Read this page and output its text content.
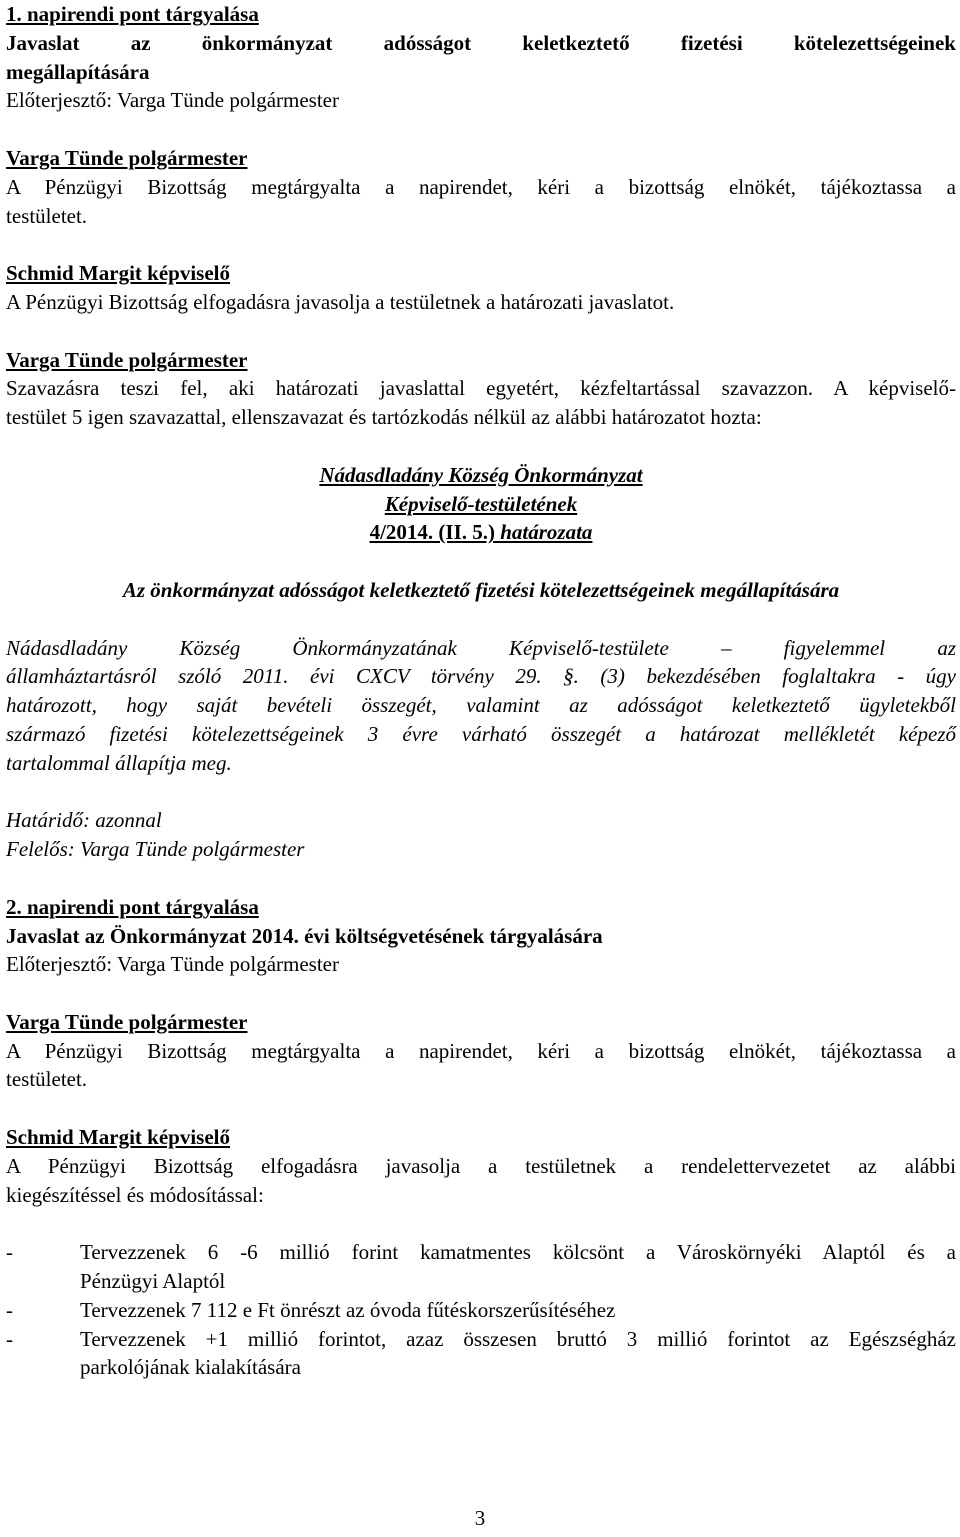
1. napirendi pont tárgyalása

Javaslat az önkormányzat adósságot keletkeztető fizetési kötelezettségeinek

megállapítására

Előterjesztő: Varga Tünde polgármester

Varga Tünde polgármester

A Pénzügyi Bizottság megtárgyalta a napirendet, kéri a bizottság elnökét, tájékoztassa a

testületet.

Schmid Margit képviselő

A Pénzügyi Bizottság elfogadásra javasolja a testületnek a határozati javaslatot.

Varga Tünde polgármester

Szavazásra teszi fel, aki határozati javaslattal egyetért, kézfeltartással szavazzon. A képviselő-

testület 5 igen szavazattal, ellenszavazat és tartózkodás nélkül az alábbi határozatot hozta:

Nádasdladány Község Önkormányzat

Képviselő-testületének

4/2014. (II. 5.) határozata

Az önkormányzat adósságot keletkeztető fizetési kötelezettségeinek megállapítására

Nádasdladány Község Önkormányzatának Képviselő-testülete – figyelemmel az

államháztartásról szóló 2011. évi CXCV törvény 29. §. (3) bekezdésében foglaltakra - úgy

határozott, hogy saját bevételi összegét, valamint az adósságot keletkeztető ügyletekből

származó fizetési kötelezettségeinek 3 évre várható összegét a határozat mellékletét képező

tartalommal állapítja meg.

Határidő: azonnal

Felelős: Varga Tünde polgármester

2. napirendi pont tárgyalása

Javaslat az Önkormányzat 2014. évi költségvetésének tárgyalására

Előterjesztő: Varga Tünde polgármester

Varga Tünde polgármester

A Pénzügyi Bizottság megtárgyalta a napirendet, kéri a bizottság elnökét, tájékoztassa a

testületet.

Schmid Margit képviselő

A Pénzügyi Bizottság elfogadásra javasolja a testületnek a rendelettervezetet az alábbi

kiegészítéssel és módosítással:

-	Tervezzenek 6 -6 millió forint kamatmentes kölcsönt a Városkörnyéki Alaptól és a

Pénzügyi Alaptól

-	Tervezzenek 7 112 e Ft önrészt az óvoda fűtéskorszerűsítéséhez

-	Tervezzenek +1 millió forintot, azaz összesen bruttó 3 millió forintot az Egészségház

parkolójának kialakítására

3
